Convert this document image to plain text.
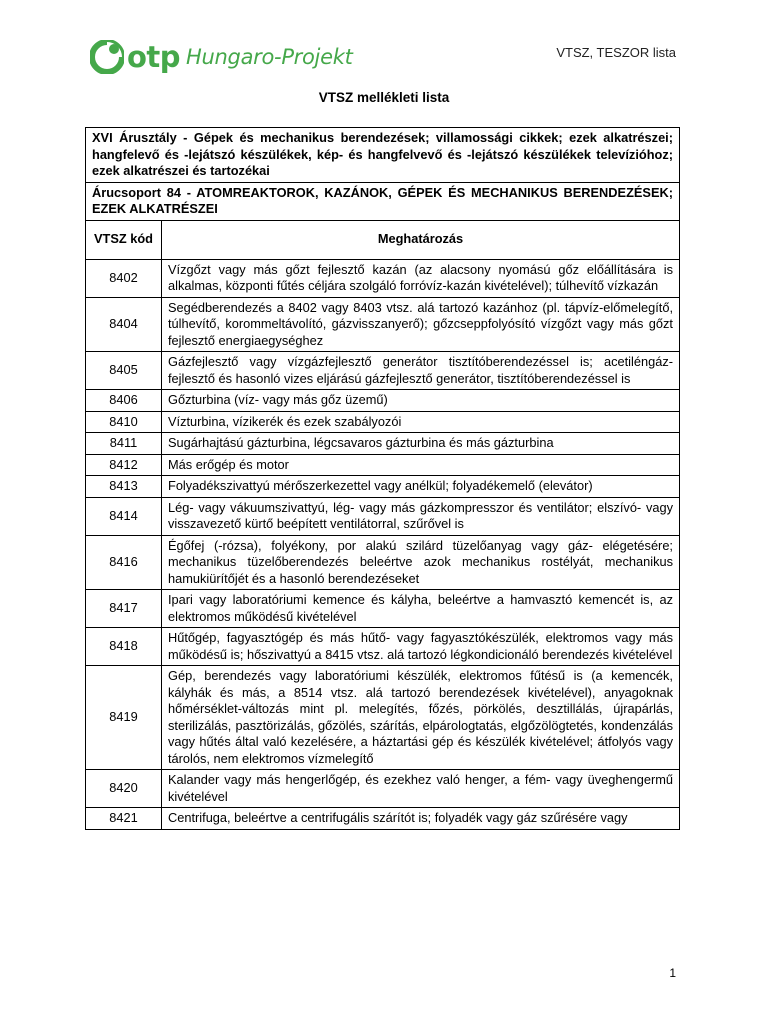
otp Hungaro-Projekt	VTSZ, TESZOR lista
VTSZ mellékleti lista
XVI Árusztály - Gépek és mechanikus berendezések; villamossági cikkek; ezek alkatrészei; hangfelevő és -lejátszó készülékek, kép- és hangfelvevő és -lejátszó készülékek televízióhoz; ezek alkatrészei és tartozékai	
Árucsoport 84 - ATOMREAKTOROK, KAZÁNOK, GÉPEK ÉS MECHANIKUS BERENDEZÉSEK; EZEK ALKATRÉSZEI	
VTSZ kód	Meghatározás
8402	Vízgőzt vagy más gőzt fejlesztő kazán (az alacsony nyomású gőz előállítására is alkalmas, központi fűtés céljára szolgáló forróvíz-kazán kivételével); túlhevítő vízkazán
8404	Segédberendezés a 8402 vagy 8403 vtsz. alá tartozó kazánhoz (pl. tápvíz-előmelegítő, túlhevítő, korommeltávolító, gázvisszanyerő); gőzcseppfolyósító vízgőzt vagy más gőzt fejlesztő energiaegységhez
8405	Gázfejlesztő vagy vízgázfejlesztő generátor tisztítóberendezéssel is; acetiléngáz-fejlesztő és hasonló vizes eljárású gázfejlesztő generátor, tisztítóberendezéssel is
8406	Gőzturbina (víz- vagy más gőz üzemű)
8410	Vízturbina, vízikerék és ezek szabályozói
8411	Sugárhajtású gázturbina, légcsavaros gázturbina és más gázturbina
8412	Más erőgép és motor
8413	Folyadékszivattyú mérőszerkezettel vagy anélkül; folyadékemelő (elevátor)
8414	Lég- vagy vákuumszivattyú, lég- vagy más gázkompresszor és ventilátor; elszívó- vagy visszavezető kürtő beépített ventilátorral, szűrővel is
8416	Égőfej (-rózsa), folyékony, por alakú szilárd tüzelőanyag vagy gáz- elégetésére; mechanikus tüzelőberendezés beleértve azok mechanikus rostélyát, mechanikus hamukiürítőjét és a hasonló berendezéseket
8417	Ipari vagy laboratóriumi kemence és kályha, beleértve a hamvasztó kemencét is, az elektromos működésű kivételével
8418	Hűtőgép, fagyasztógép és más hűtő- vagy fagyasztókészülék, elektromos vagy más működésű is; hőszivattyú a 8415 vtsz. alá tartozó légkondicionáló berendezés kivételével
8419	Gép, berendezés vagy laboratóriumi készülék, elektromos fűtésű is (a kemencék, kályhák és más, a 8514 vtsz. alá tartozó berendezések kivételével), anyagoknak hőmérséklet-változás mint pl. melegítés, főzés, pörkölés, desztillálás, újrapárlás, sterilizálás, pasztörizálás, gőzölés, szárítás, elpárologtatás, elgőzölögtetés, kondenzálás vagy hűtés által való kezelésére, a háztartási gép és készülék kivételével; átfolyós vagy tárolós, nem elektromos vízmelegítő
8420	Kalander vagy más hengerlőgép, és ezekhez való henger, a fém- vagy üveghengermű kivételével
8421	Centrifuga, beleértve a centrifugális szárítót is; folyadék vagy gáz szűrésére vagy
1
